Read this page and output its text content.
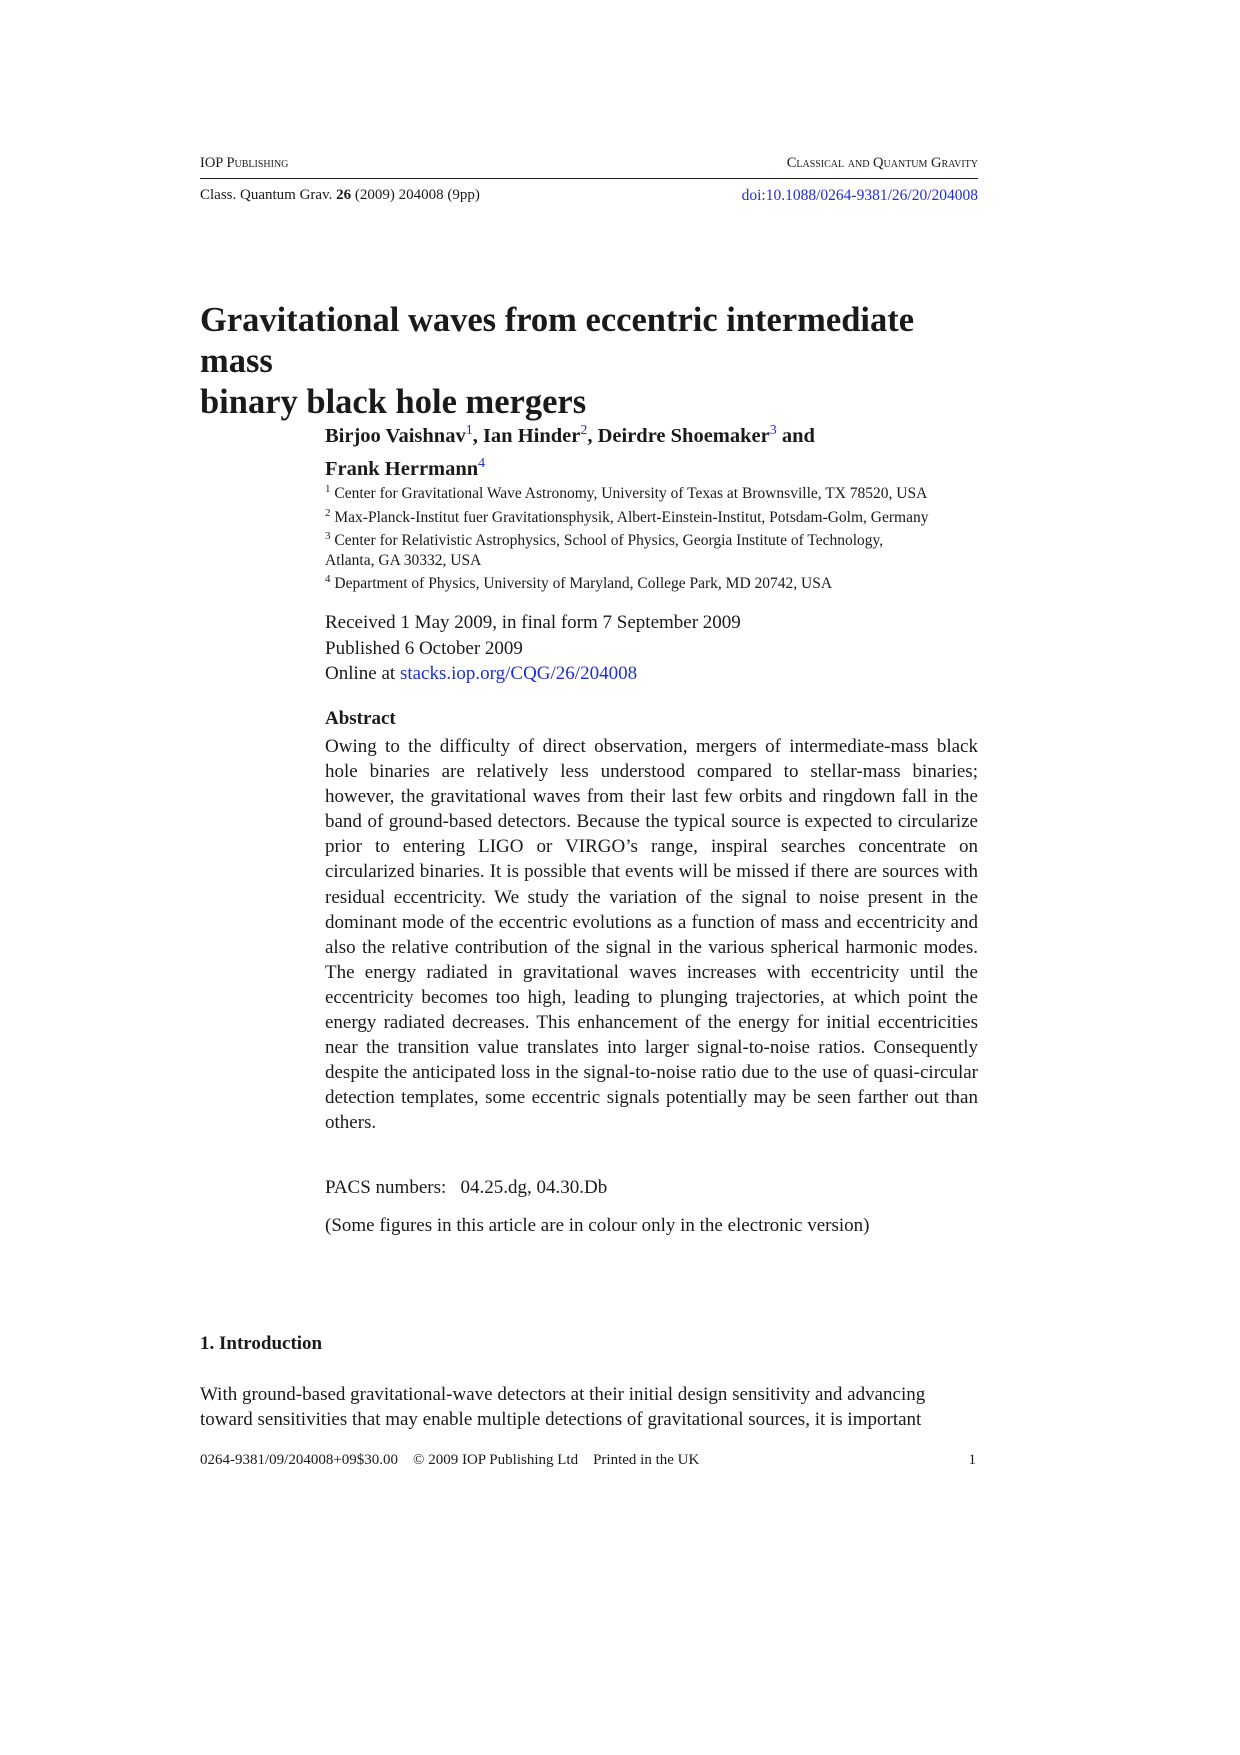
IOP Publishing	Classical and Quantum Gravity
Class. Quantum Grav. 26 (2009) 204008 (9pp)	doi:10.1088/0264-9381/26/20/204008
Gravitational waves from eccentric intermediate mass
binary black hole mergers
Birjoo Vaishnav$^1$, Ian Hinder$^2$, Deirdre Shoemaker$^3$ and
Frank Herrmann$^4$
$^1$ Center for Gravitational Wave Astronomy, University of Texas at Brownsville, TX 78520, USA
$^2$ Max-Planck-Institut fuer Gravitationsphysik, Albert-Einstein-Institut, Potsdam-Golm, Germany
$^3$ Center for Relativistic Astrophysics, School of Physics, Georgia Institute of Technology,
Atlanta, GA 30332, USA
$^4$ Department of Physics, University of Maryland, College Park, MD 20742, USA
Received 1 May 2009, in final form 7 September 2009
Published 6 October 2009
Online at stacks.iop.org/CQG/26/204008
Abstract
Owing to the difficulty of direct observation, mergers of intermediate-mass black hole binaries are relatively less understood compared to stellar-mass binaries; however, the gravitational waves from their last few orbits and ringdown fall in the band of ground-based detectors. Because the typical source is expected to circularize prior to entering LIGO or VIRGO’s range, inspiral searches concentrate on circularized binaries. It is possible that events will be missed if there are sources with residual eccentricity. We study the variation of the signal to noise present in the dominant mode of the eccentric evolutions as a function of mass and eccentricity and also the relative contribution of the signal in the various spherical harmonic modes. The energy radiated in gravitational waves increases with eccentricity until the eccentricity becomes too high, leading to plunging trajectories, at which point the energy radiated decreases. This enhancement of the energy for initial eccentricities near the transition value translates into larger signal-to-noise ratios. Consequently despite the anticipated loss in the signal-to-noise ratio due to the use of quasi-circular detection templates, some eccentric signals potentially may be seen farther out than others.
PACS numbers: 04.25.dg, 04.30.Db
(Some figures in this article are in colour only in the electronic version)
1. Introduction
With ground-based gravitational-wave detectors at their initial design sensitivity and advancing
toward sensitivities that may enable multiple detections of gravitational sources, it is important
0264-9381/09/204008+09$30.00 © 2009 IOP Publishing Ltd Printed in the UK	1
